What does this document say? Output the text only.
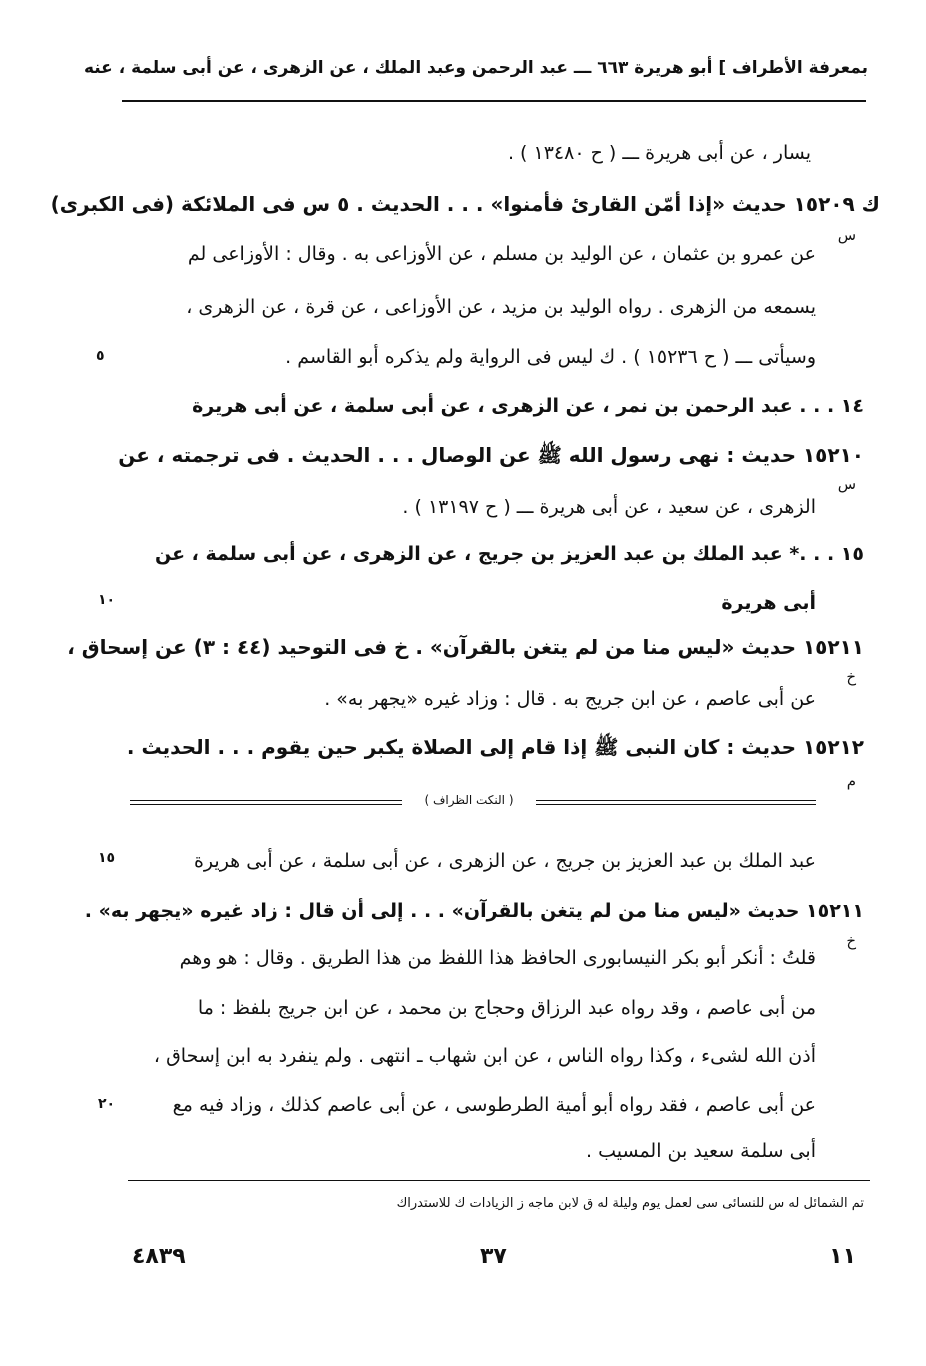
بمعرفة الأطراف ] أبو هريرة ٦٦٣ ـــ عبد الرحمن وعبد الملك ، عن الزهرى ، عن أبى سلمة ، عنه
يسار ، عن أبى هريرة ـــ ( ح ١٣٤٨٠ ) .
ك ١٥٢٠٩ حديث «إذا أمّن القارئ فأمنوا» . . . الحديث . ٥ س فى الملائكة (فى الكبرى)
عن عمرو بن عثمان ، عن الوليد بن مسلم ، عن الأوزاعى به . وقال : الأوزاعى لم
يسمعه من الزهرى . رواه الوليد بن مزيد ، عن الأوزاعى ، عن قرة ، عن الزهرى ،
وسيأتى ـــ ( ح ١٥٢٣٦ ) . ك ليس فى الرواية ولم يذكره أبو القاسم .
١٤ . . . عبد الرحمن بن نمر ، عن الزهرى ، عن أبى سلمة ، عن أبى هريرة
١٥٢١٠ حديث : نهى رسول الله ﷺ عن الوصال . . . الحديث . فى ترجمته ، عن
الزهرى ، عن سعيد ، عن أبى هريرة ـــ ( ح ١٣١٩٧ ) .
١٥ . . .* عبد الملك بن عبد العزيز بن جريج ، عن الزهرى ، عن أبى سلمة ، عن
أبى هريرة
١٥٢١١ حديث «ليس منا من لم يتغن بالقرآن» . خ فى التوحيد (٤٤ : ٣) عن إسحاق ،
عن أبى عاصم ، عن ابن جريج به . قال : وزاد غيره «يجهر به» .
١٥٢١٢ حديث : كان النبى ﷺ إذا قام إلى الصلاة يكبر حين يقوم . . . الحديث .
س
س
خ
م
٥
١٠
( النكت الظراف )
عبد الملك بن عبد العزيز بن جريج ، عن الزهرى ، عن أبى سلمة ، عن أبى هريرة
١٥٢١١ حديث «ليس منا من لم يتغن بالقرآن» . . . إلى أن قال : زاد غيره «يجهر به» .
قلتُ : أنكر أبو بكر النيسابورى الحافظ هذا اللفظ من هذا الطريق . وقال : هو وهم
من أبى عاصم ، وقد رواه عبد الرزاق وحجاج بن محمد ، عن ابن جريج بلفظ : ما
أذن الله لشىء ، وكذا رواه الناس ، عن ابن شهاب ـ انتهى . ولم ينفرد به ابن إسحاق ،
عن أبى عاصم ، فقد رواه أبو أمية الطرطوسى ، عن أبى عاصم كذلك ، وزاد فيه مع
أبى سلمة سعيد بن المسيب .
خ
١٥
٢٠
تم الشمائل له س للنسائى سى لعمل يوم وليلة له ق لابن ماجه ز الزيادات ك للاستدراك
١١
٣٧
٤٨٣٩
